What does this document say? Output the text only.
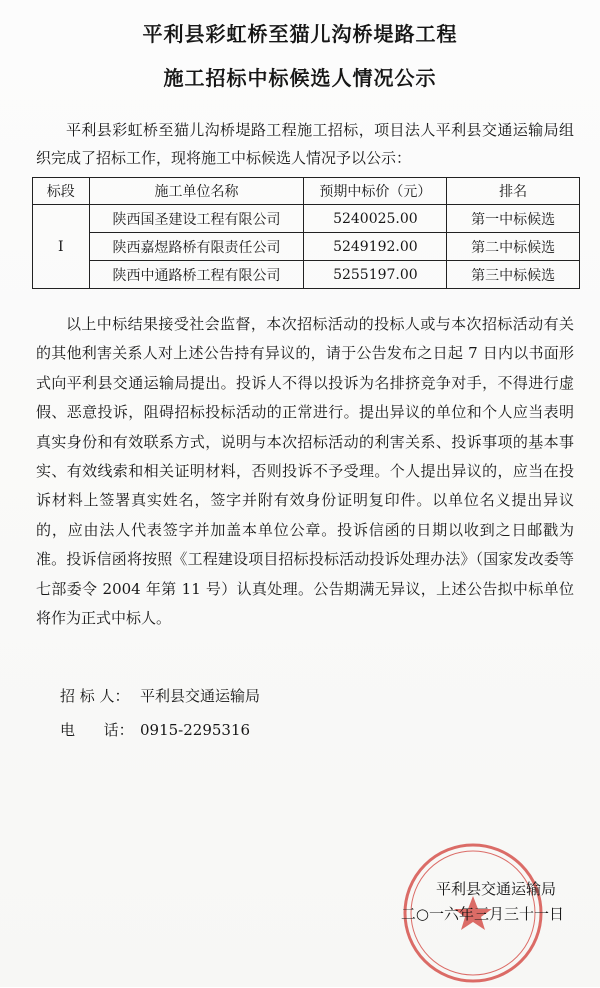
平利县彩虹桥至猫儿沟桥堤路工程
施工招标中标候选人情况公示
平利县彩虹桥至猫儿沟桥堤路工程施工招标，项目法人平利县交通运输局组织完成了招标工作，现将施工中标候选人情况予以公示：
标段	施工单位名称	预期中标价（元）	排名
I	陕西国圣建设工程有限公司	5240025.00	第一中标候选
	陕西嘉煜路桥有限责任公司	5249192.00	第二中标候选
	陕西中通路桥工程有限公司	5255197.00	第三中标候选
以上中标结果接受社会监督，本次招标活动的投标人或与本次招标活动有关的其他利害关系人对上述公告持有异议的，请于公告发布之日起 7 日内以书面形式向平利县交通运输局提出。投诉人不得以投诉为名排挤竞争对手，不得进行虚假、恶意投诉，阻碍招标投标活动的正常进行。提出异议的单位和个人应当表明真实身份和有效联系方式，说明与本次招标活动的利害关系、投诉事项的基本事实、有效线索和相关证明材料，否则投诉不予受理。个人提出异议的，应当在投诉材料上签署真实姓名，签字并附有效身份证明复印件。以单位名义提出异议的，应由法人代表签字并加盖本单位公章。投诉信函的日期以收到之日邮戳为准。投诉信函将按照《工程建设项目招标投标活动投诉处理办法》（国家发改委等七部委令 2004 年第 11 号）认真处理。公告期满无异议，上述公告拟中标单位将作为正式中标人。
招 标 人： 平利县交通运输局
电      话： 0915-2295316
平利县交通运输局
二○一六年三月三十一日
